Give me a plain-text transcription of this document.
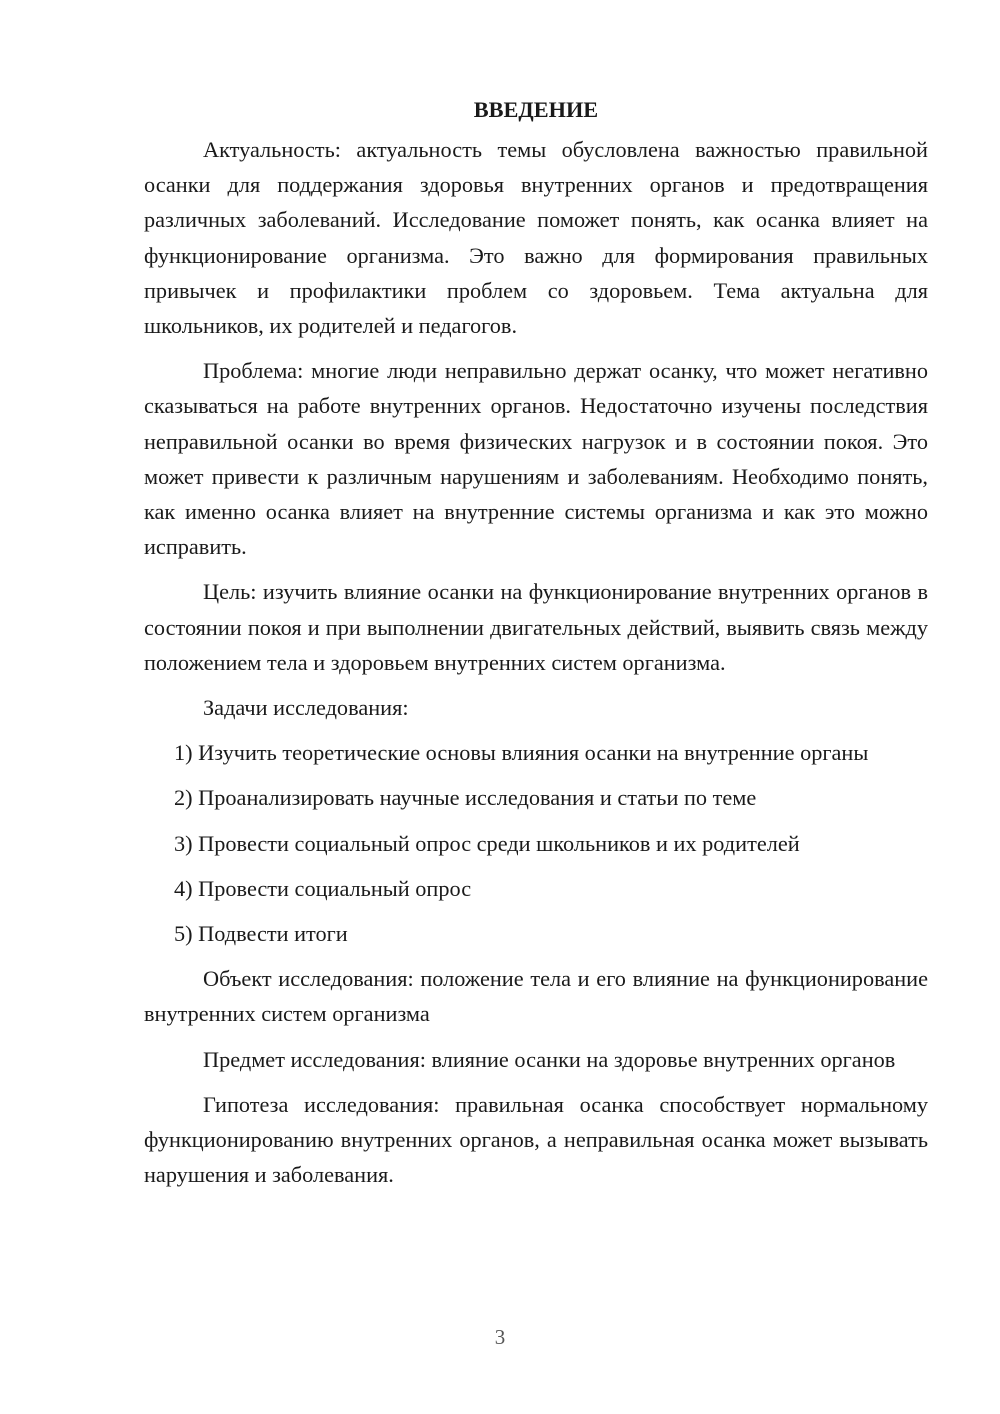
ВВЕДЕНИЕ

Актуальность: актуальность темы обусловлена важностью правильной осанки для поддержания здоровья внутренних органов и предотвращения различных заболеваний. Исследование поможет понять, как осанка влияет на функционирование организма. Это важно для формирования правильных привычек и профилактики проблем со здоровьем. Тема актуальна для школьников, их родителей и педагогов.

Проблема: многие люди неправильно держат осанку, что может негативно сказываться на работе внутренних органов. Недостаточно изучены последствия неправильной осанки во время физических нагрузок и в состоянии покоя. Это может привести к различным нарушениям и заболеваниям. Необходимо понять, как именно осанка влияет на внутренние системы организма и как это можно исправить.

Цель: изучить влияние осанки на функционирование внутренних органов в состоянии покоя и при выполнении двигательных действий, выявить связь между положением тела и здоровьем внутренних систем организма.

Задачи исследования:

1) Изучить теоретические основы влияния осанки на внутренние органы

2) Проанализировать научные исследования и статьи по теме

3) Провести социальный опрос среди школьников и их родителей

4) Провести социальный опрос

5) Подвести итоги

Объект исследования: положение тела и его влияние на функционирование внутренних систем организма

Предмет исследования: влияние осанки на здоровье внутренних органов

Гипотеза исследования: правильная осанка способствует нормальному функционированию внутренних органов, а неправильная осанка может вызывать нарушения и заболевания.

3
